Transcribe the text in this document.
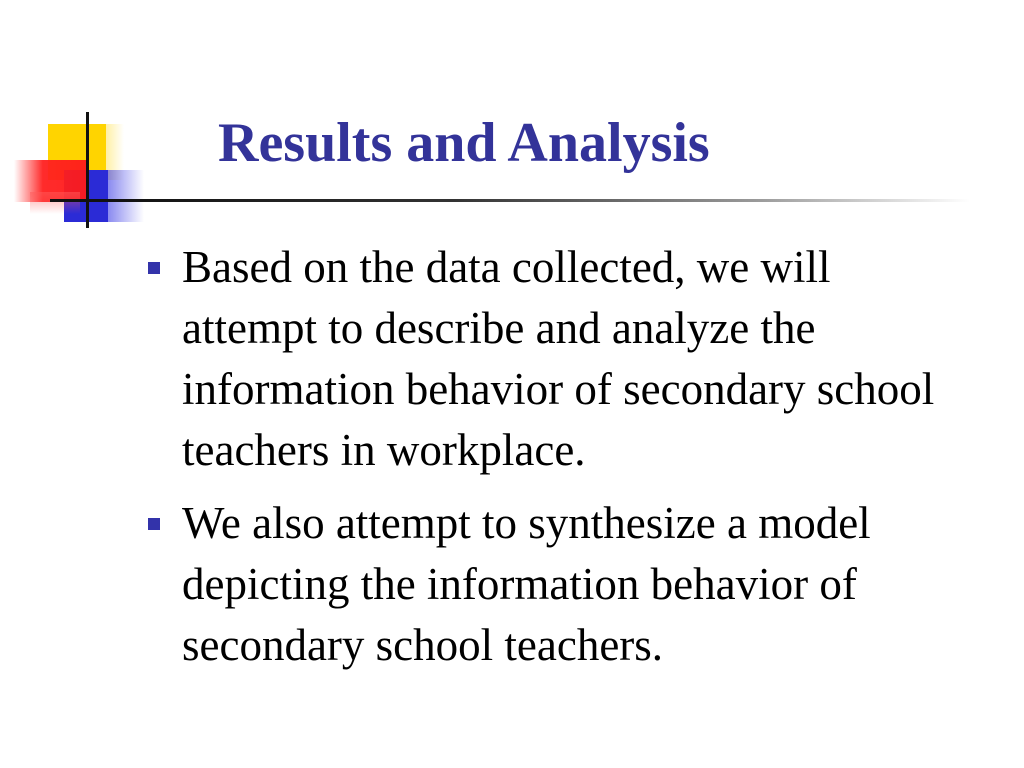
Results and Analysis
Based on the data collected, we will attempt to describe and analyze the information behavior of secondary school teachers in workplace.
We also attempt to synthesize a model depicting the information behavior of secondary school teachers.
